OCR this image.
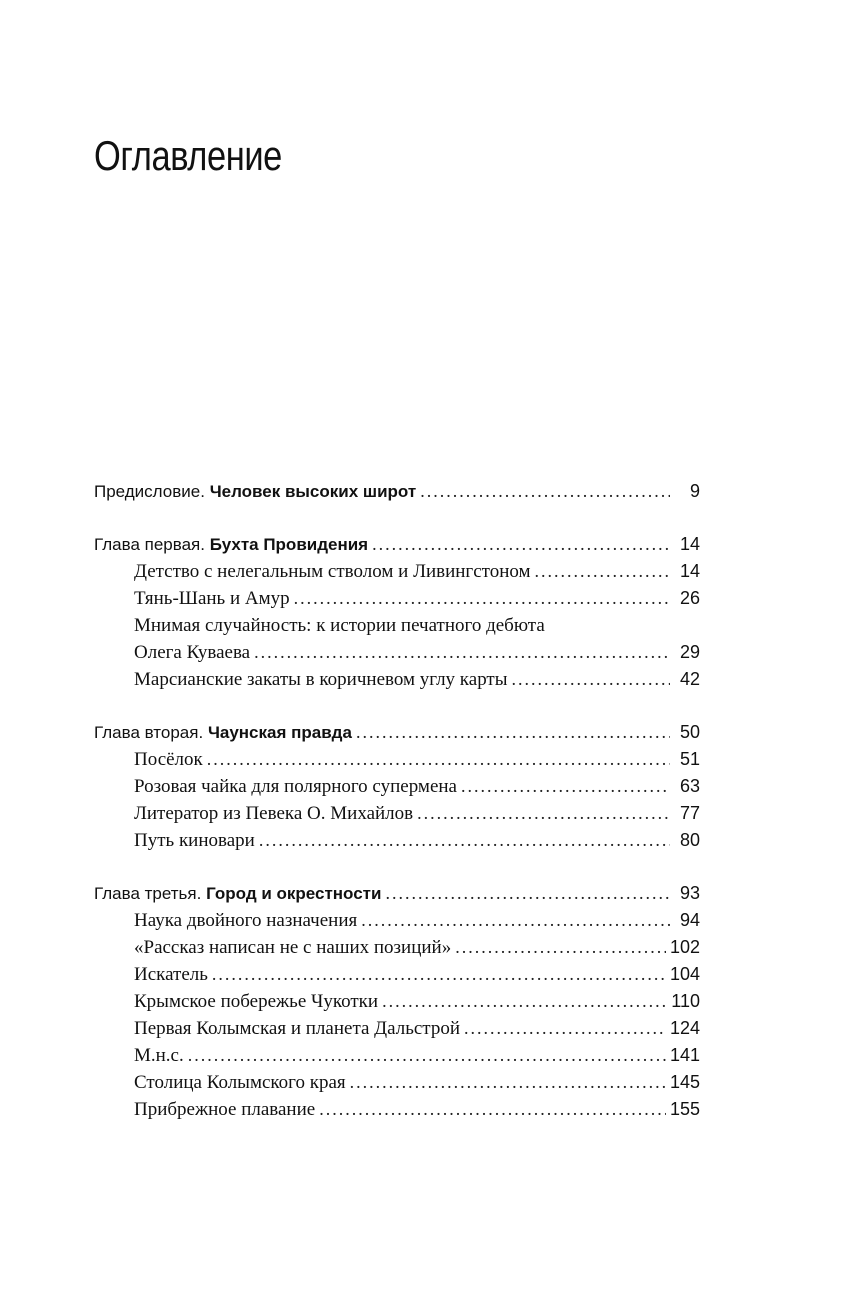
Оглавление
Предисловие. Человек высоких широт .....	9
Глава первая. Бухта Провидения .....	14
Детство с нелегальным стволом и Ливингстоном .....	14
Тянь-Шань и Амур .....	26
Мнимая случайность: к истории печатного дебюта
Олега Куваева .....	29
Марсианские закаты в коричневом углу карты .....	42
Глава вторая. Чаунская правда .....	50
Посёлок .....	51
Розовая чайка для полярного супермена .....	63
Литератор из Певека О. Михайлов .....	77
Путь киновари .....	80
Глава третья. Город и окрестности .....	93
Наука двойного назначения .....	94
«Рассказ написан не с наших позиций» .....	102
Искатель .....	104
Крымское побережье Чукотки .....	110
Первая Колымская и планета Дальстрой .....	124
М.н.с. .....	141
Столица Колымского края .....	145
Прибрежное плавание .....	155
